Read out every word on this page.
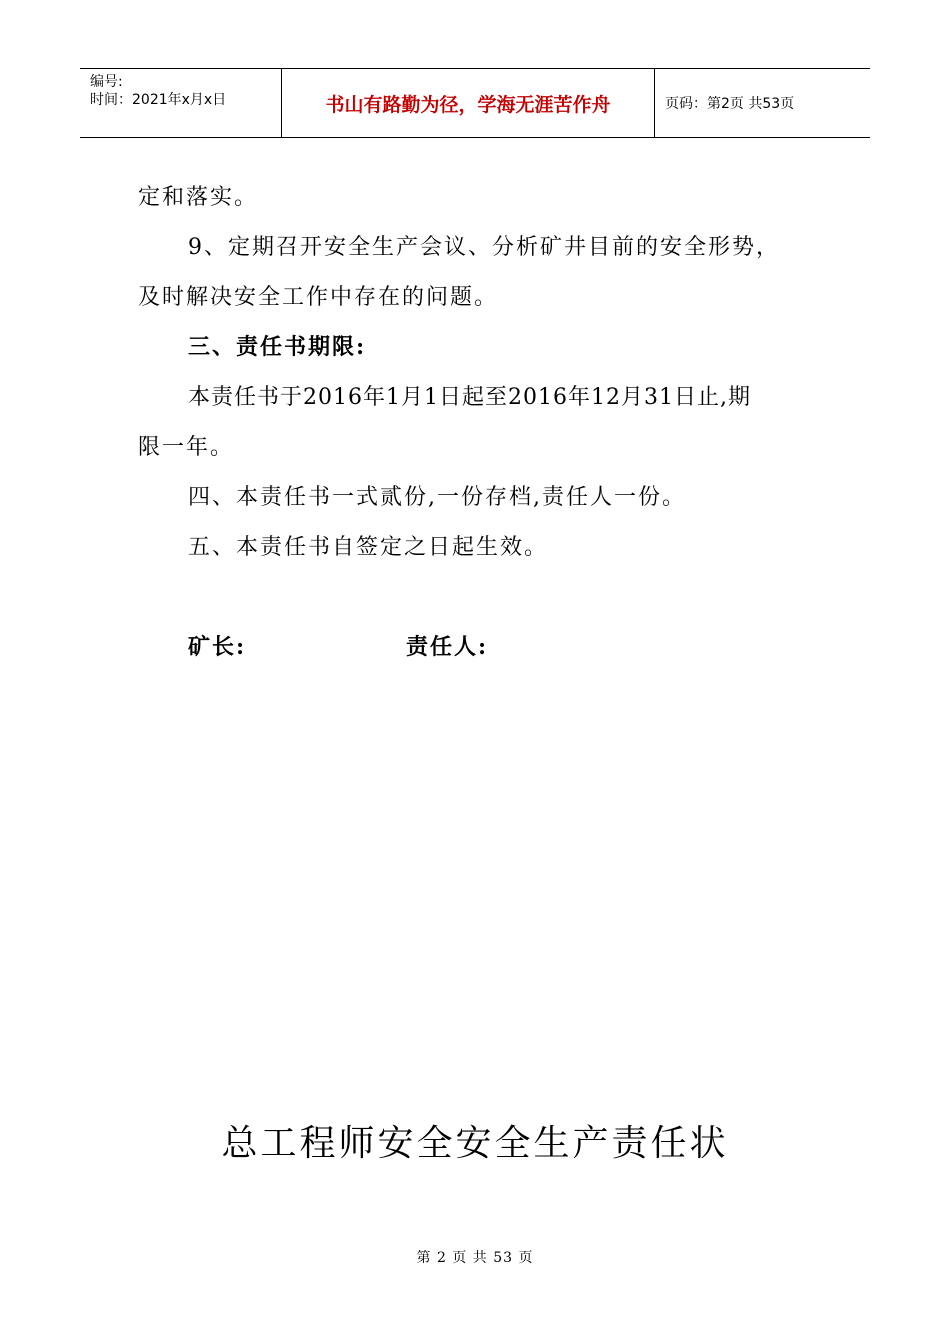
编号:
时间：2021年x月x日	书山有路勤为径，学海无涯苦作舟	页码：第2页 共53页
定和落实。
9、定期召开安全生产会议、分析矿井目前的安全形势，
及时解决安全工作中存在的问题。
三、责任书期限:
本责任书于2016年1月1日起至2016年12月31日止,期
限一年。
四、本责任书一式贰份,一份存档,责任人一份。
五、本责任书自签定之日起生效。
矿长:	责任人:
总工程师安全安全生产责任状
第 2 页 共 53 页
